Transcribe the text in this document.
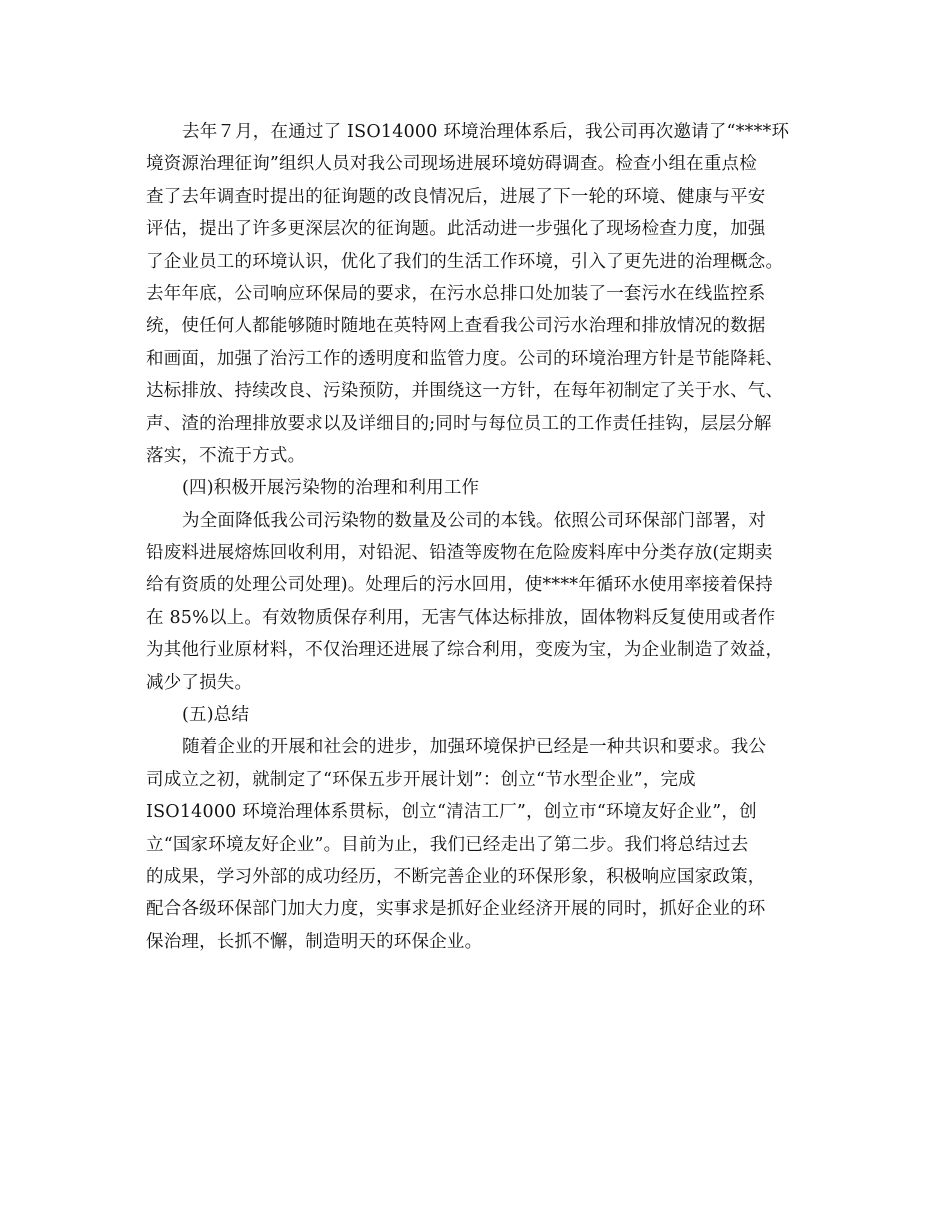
去年７月，在通过了 ISO14000 环境治理体系后，我公司再次邀请了“****环
境资源治理征询”组织人员对我公司现场进展环境妨碍调查。检查小组在重点检
查了去年调查时提出的征询题的改良情况后，进展了下一轮的环境、健康与平安
评估，提出了许多更深层次的征询题。此活动进一步强化了现场检查力度，加强
了企业员工的环境认识，优化了我们的生活工作环境，引入了更先进的治理概念。
去年年底，公司响应环保局的要求，在污水总排口处加装了一套污水在线监控系
统，使任何人都能够随时随地在英特网上查看我公司污水治理和排放情况的数据
和画面，加强了治污工作的透明度和监管力度。公司的环境治理方针是节能降耗、
达标排放、持续改良、污染预防，并围绕这一方针，在每年初制定了关于水、气、
声、渣的治理排放要求以及详细目的;同时与每位员工的工作责任挂钩，层层分解
落实，不流于方式。
(四)积极开展污染物的治理和利用工作
为全面降低我公司污染物的数量及公司的本钱。依照公司环保部门部署，对
铅废料进展熔炼回收利用，对铅泥、铅渣等废物在危险废料库中分类存放(定期卖
给有资质的处理公司处理)。处理后的污水回用，使****年循环水使用率接着保持
在 85%以上。有效物质保存利用，无害气体达标排放，固体物料反复使用或者作
为其他行业原材料，不仅治理还进展了综合利用，变废为宝，为企业制造了效益，
减少了损失。
(五)总结
随着企业的开展和社会的进步，加强环境保护已经是一种共识和要求。我公
司成立之初，就制定了“环保五步开展计划”：创立“节水型企业”，完成
ISO14000 环境治理体系贯标，创立“清洁工厂”，创立市“环境友好企业”，创
立“国家环境友好企业”。目前为止，我们已经走出了第二步。我们将总结过去
的成果，学习外部的成功经历，不断完善企业的环保形象，积极响应国家政策，
配合各级环保部门加大力度，实事求是抓好企业经济开展的同时，抓好企业的环
保治理，长抓不懈，制造明天的环保企业。
